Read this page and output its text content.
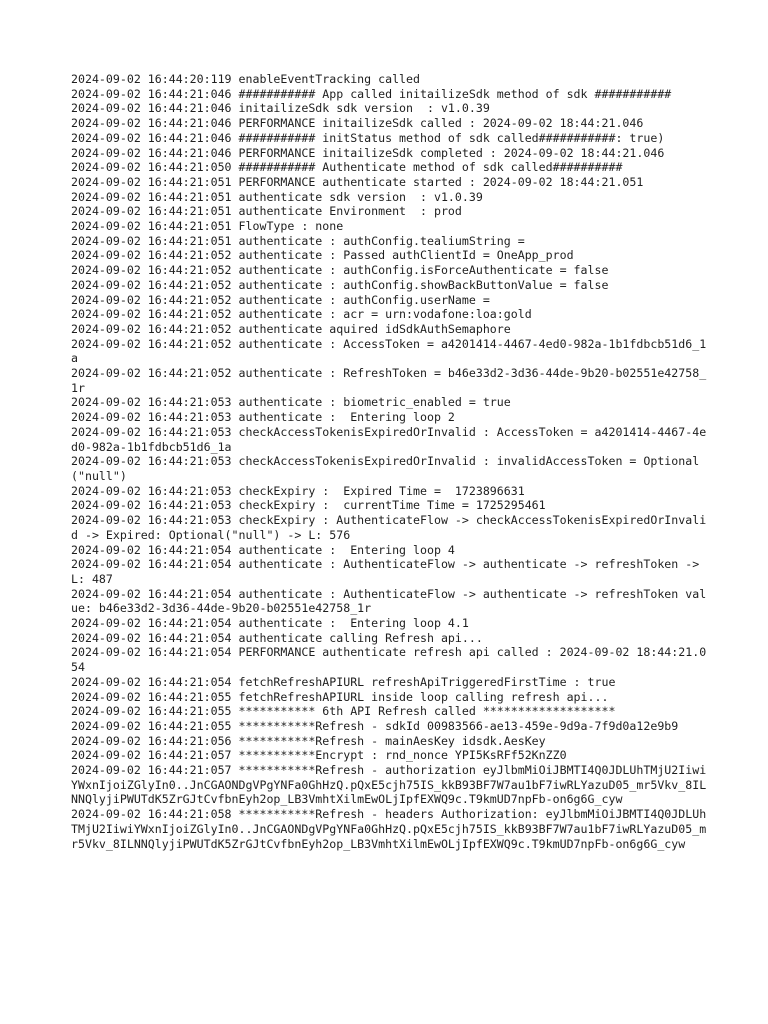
2024-09-02 16:44:20:119 enableEventTracking called
2024-09-02 16:44:21:046 ########### App called initailizeSdk method of sdk ###########
2024-09-02 16:44:21:046 initailizeSdk sdk version  : v1.0.39
2024-09-02 16:44:21:046 PERFORMANCE initailizeSdk called : 2024-09-02 18:44:21.046
2024-09-02 16:44:21:046 ########### initStatus method of sdk called###########: true)
2024-09-02 16:44:21:046 PERFORMANCE initailizeSdk completed : 2024-09-02 18:44:21.046
2024-09-02 16:44:21:050 ########### Authenticate method of sdk called##########
2024-09-02 16:44:21:051 PERFORMANCE authenticate started : 2024-09-02 18:44:21.051
2024-09-02 16:44:21:051 authenticate sdk version  : v1.0.39
2024-09-02 16:44:21:051 authenticate Environment  : prod
2024-09-02 16:44:21:051 FlowType : none
2024-09-02 16:44:21:051 authenticate : authConfig.tealiumString =
2024-09-02 16:44:21:052 authenticate : Passed authClientId = OneApp_prod
2024-09-02 16:44:21:052 authenticate : authConfig.isForceAuthenticate = false
2024-09-02 16:44:21:052 authenticate : authConfig.showBackButtonValue = false
2024-09-02 16:44:21:052 authenticate : authConfig.userName =
2024-09-02 16:44:21:052 authenticate : acr = urn:vodafone:loa:gold
2024-09-02 16:44:21:052 authenticate aquired idSdkAuthSemaphore
2024-09-02 16:44:21:052 authenticate : AccessToken = a4201414-4467-4ed0-982a-1b1fdbcb51d6_1a
2024-09-02 16:44:21:052 authenticate : RefreshToken = b46e33d2-3d36-44de-9b20-b02551e42758_1r
2024-09-02 16:44:21:053 authenticate : biometric_enabled = true
2024-09-02 16:44:21:053 authenticate :  Entering loop 2
2024-09-02 16:44:21:053 checkAccessTokenisExpiredOrInvalid : AccessToken = a4201414-4467-4ed0-982a-1b1fdbcb51d6_1a
2024-09-02 16:44:21:053 checkAccessTokenisExpiredOrInvalid : invalidAccessToken = Optional("null")
2024-09-02 16:44:21:053 checkExpiry :  Expired Time =  1723896631
2024-09-02 16:44:21:053 checkExpiry :  currentTime Time = 1725295461
2024-09-02 16:44:21:053 checkExpiry : AuthenticateFlow -> checkAccessTokenisExpiredOrInvalid -> Expired: Optional("null") -> L: 576
2024-09-02 16:44:21:054 authenticate :  Entering loop 4
2024-09-02 16:44:21:054 authenticate : AuthenticateFlow -> authenticate -> refreshToken -> L: 487
2024-09-02 16:44:21:054 authenticate : AuthenticateFlow -> authenticate -> refreshToken value: b46e33d2-3d36-44de-9b20-b02551e42758_1r
2024-09-02 16:44:21:054 authenticate :  Entering loop 4.1
2024-09-02 16:44:21:054 authenticate calling Refresh api...
2024-09-02 16:44:21:054 PERFORMANCE authenticate refresh api called : 2024-09-02 18:44:21.054
2024-09-02 16:44:21:054 fetchRefreshAPIURL refreshApiTriggeredFirstTime : true
2024-09-02 16:44:21:055 fetchRefreshAPIURL inside loop calling refresh api...
2024-09-02 16:44:21:055 *********** 6th API Refresh called *******************
2024-09-02 16:44:21:055 ***********Refresh - sdkId 00983566-ae13-459e-9d9a-7f9d0a12e9b9
2024-09-02 16:44:21:056 ***********Refresh - mainAesKey idsdk.AesKey
2024-09-02 16:44:21:057 ***********Encrypt : rnd_nonce YPI5KsRFf52KnZZ0
2024-09-02 16:44:21:057 ***********Refresh - authorization eyJlbmMiOiJBMTI4Q0JDLUhTMjU2IiwiYWxnIjoiZGlyIn0..JnCGAONDgVPgYNFa0GhHzQ.pQxE5cjh75IS_kkB93BF7W7au1bF7iwRLYazuD05_mr5Vkv_8ILNNQlyjiPWUTdK5ZrGJtCvfbnEyh2op_LB3VmhtXilmEwOLjIpfEXWQ9c.T9kmUD7npFb-on6g6G_cyw
2024-09-02 16:44:21:058 ***********Refresh - headers Authorization: eyJlbmMiOiJBMTI4Q0JDLUhTMjU2IiwiYWxnIjoiZGlyIn0..JnCGAONDgVPgYNFa0GhHzQ.pQxE5cjh75IS_kkB93BF7W7au1bF7iwRLYazuD05_mr5Vkv_8ILNNQlyjiPWUTdK5ZrGJtCvfbnEyh2op_LB3VmhtXilmEwOLjIpfEXWQ9c.T9kmUD7npFb-on6g6G_cyw
